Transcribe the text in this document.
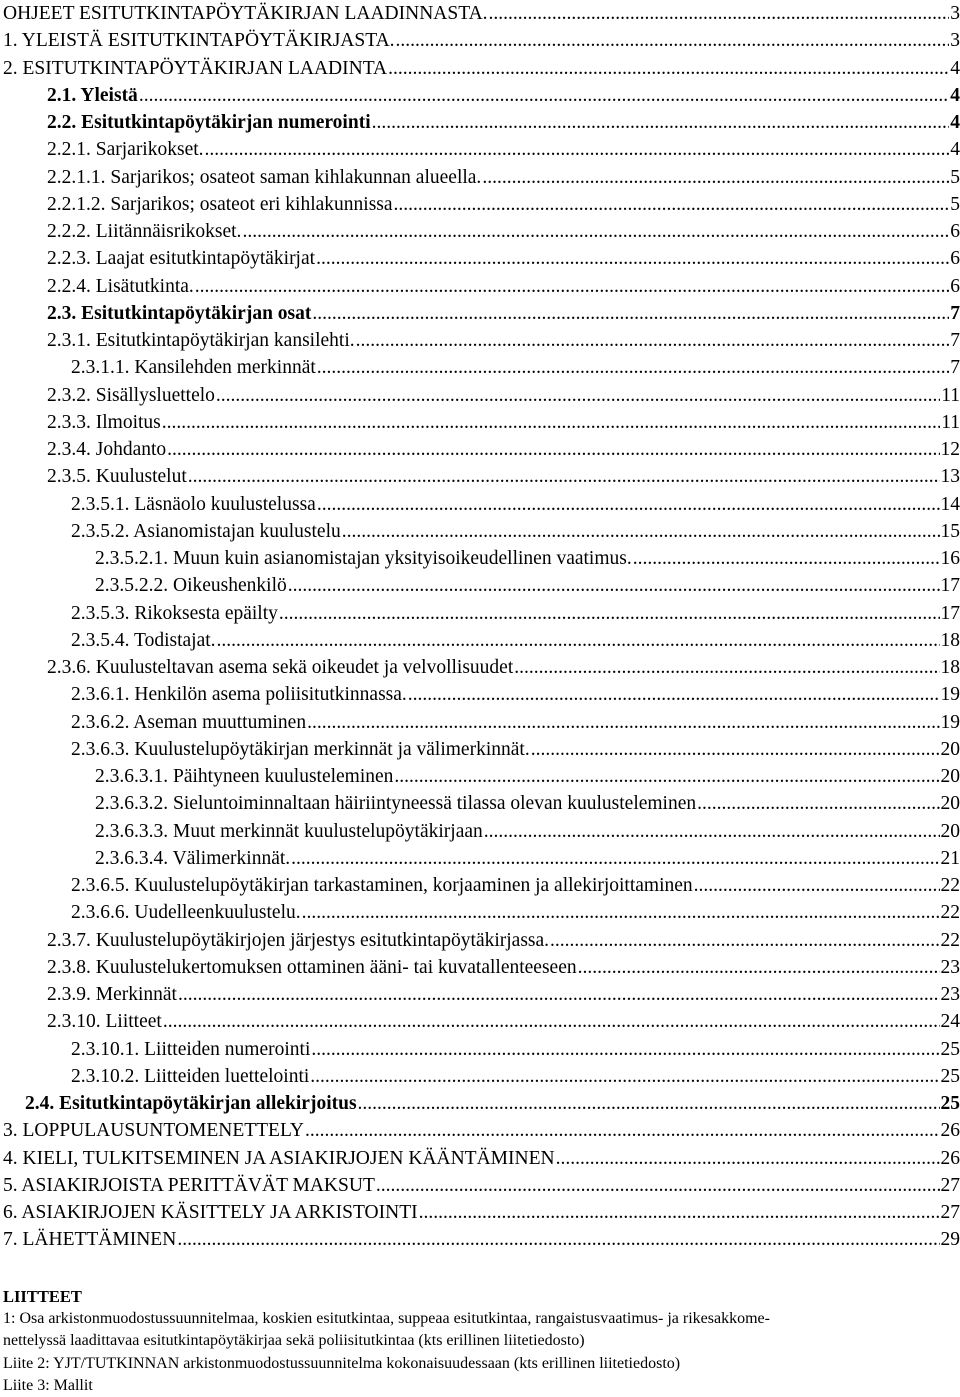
OHJEET ESITUTKINTAPÖYTÄKIRJAN LAADINNASTA. .....	3
1. YLEISTÄ ESITUTKINTAPÖYTÄKIRJASTA. .....	3
2. ESITUTKINTAPÖYTÄKIRJAN LAADINTA .....	4
2.1. Yleistä .....	4
2.2. Esitutkintapöytäkirjan numerointi .....	4
2.2.1. Sarjarikokset. .....	4
2.2.1.1. Sarjarikos; osateot saman kihlakunnan alueella. .....	5
2.2.1.2. Sarjarikos; osateot eri kihlakunnissa .....	5
2.2.2. Liitännäisrikokset. .....	6
2.2.3. Laajat esitutkintapöytäkirjat .....	6
2.2.4. Lisätutkinta. .....	6
2.3. Esitutkintapöytäkirjan osat .....	7
2.3.1. Esitutkintapöytäkirjan kansilehti. .....	7
2.3.1.1. Kansilehden merkinnät .....	7
2.3.2. Sisällysluettelo .....	11
2.3.3. Ilmoitus .....	11
2.3.4. Johdanto .....	12
2.3.5. Kuulustelut .....	13
2.3.5.1. Läsnäolo kuulustelussa .....	14
2.3.5.2. Asianomistajan kuulustelu .....	15
2.3.5.2.1. Muun kuin asianomistajan yksityisoikeudellinen vaatimus. .....	16
2.3.5.2.2. Oikeushenkilö .....	17
2.3.5.3. Rikoksesta epäilty .....	17
2.3.5.4. Todistajat. .....	18
2.3.6. Kuulusteltavan asema sekä oikeudet ja velvollisuudet .....	18
2.3.6.1. Henkilön asema poliisitutkinnassa. .....	19
2.3.6.2. Aseman muuttuminen .....	19
2.3.6.3. Kuulustelupöytäkirjan merkinnät ja välimerkinnät. .....	20
2.3.6.3.1. Päihtyneen kuulusteleminen .....	20
2.3.6.3.2. Sieluntoiminnaltaan häiriintyneessä tilassa olevan kuulusteleminen .....	20
2.3.6.3.3. Muut merkinnät kuulustelupöytäkirjaan .....	20
2.3.6.3.4. Välimerkinnät. .....	21
2.3.6.5. Kuulustelupöytäkirjan tarkastaminen, korjaaminen ja allekirjoittaminen .....	22
2.3.6.6. Uudelleenkuulustelu. .....	22
2.3.7. Kuulustelupöytäkirjojen järjestys esitutkintapöytäkirjassa. .....	22
2.3.8. Kuulustelukertomuksen ottaminen ääni- tai kuvatallenteeseen .....	23
2.3.9. Merkinnät .....	23
2.3.10. Liitteet .....	24
2.3.10.1. Liitteiden numerointi .....	25
2.3.10.2. Liitteiden luettelointi .....	25
2.4. Esitutkintapöytäkirjan allekirjoitus .....	25
3. LOPPULAUSUNTOMENETTELY .....	26
4. KIELI, TULKITSEMINEN JA ASIAKIRJOJEN KÄÄNTÄMINEN .....	26
5. ASIAKIRJOISTA PERITTÄVÄT MAKSUT .....	27
6. ASIAKIRJOJEN KÄSITTELY JA ARKISTOINTI .....	27
7. LÄHETTÄMINEN .....	29
LIITTEET
1: Osa arkistonmuodostussuunnitelmaa, koskien esitutkintaa, suppeaa esitutkintaa, rangaistusvaatimus- ja rikesakkome-
nettelyssä laadittavaa esitutkintapöytäkirjaa sekä poliisitutkintaa (kts erillinen liitetiedosto)
Liite 2: YJT/TUTKINNAN arkistonmuodostussuunnitelma kokonaisuudessaan (kts erillinen liitetiedosto)
Liite 3: Mallit
